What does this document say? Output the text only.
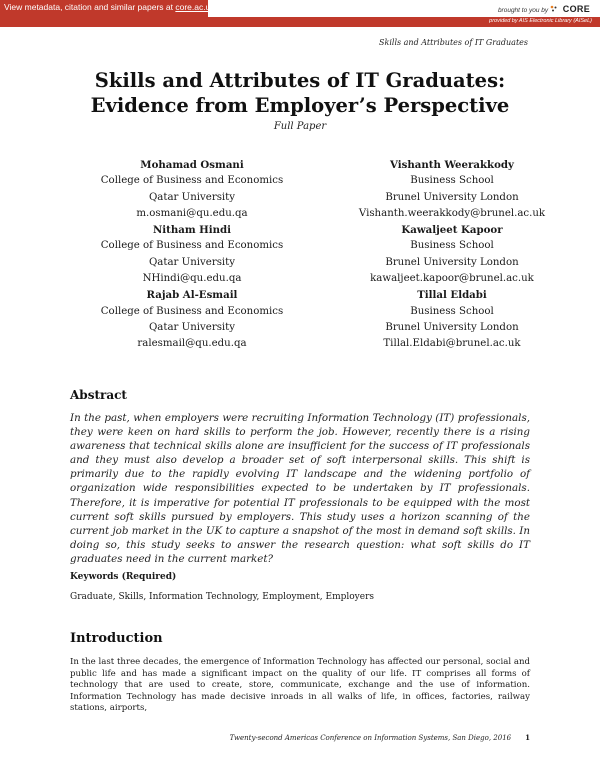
View metadata, citation and similar papers at core.ac.uk	brought to you by CORE
provided by AIS Electronic Library (AISeL)
Skills and Attributes of IT Graduates
Skills and Attributes of IT Graduates:
Evidence from Employer’s Perspective
Full Paper
Mohamad Osmani
College of Business and Economics
Qatar University
m.osmani@qu.edu.qa
Nitham Hindi
College of Business and Economics
Qatar University
NHindi@qu.edu.qa
Rajab Al-Esmail
College of Business and Economics
Qatar University
ralesmail@qu.edu.qa
Vishanth Weerakkody
Business School
Brunel University London
Vishanth.weerakkody@brunel.ac.uk
Kawaljeet Kapoor
Business School
Brunel University London
kawaljeet.kapoor@brunel.ac.uk
Tillal Eldabi
Business School
Brunel University London
Tillal.Eldabi@brunel.ac.uk
Abstract
In the past, when employers were recruiting Information Technology (IT) professionals, they were keen on hard skills to perform the job. However, recently there is a rising awareness that technical skills alone are insufficient for the success of IT professionals and they must also develop a broader set of soft interpersonal skills. This shift is primarily due to the rapidly evolving IT landscape and the widening portfolio of organization wide responsibilities expected to be undertaken by IT professionals. Therefore, it is imperative for potential IT professionals to be equipped with the most current soft skills pursued by employers. This study uses a horizon scanning of the current job market in the UK to capture a snapshot of the most in demand soft skills. In doing so, this study seeks to answer the research question: what soft skills do IT graduates need in the current market?
Keywords (Required)
Graduate, Skills, Information Technology, Employment, Employers
Introduction
In the last three decades, the emergence of Information Technology has affected our personal, social and public life and has made a significant impact on the quality of our life. IT comprises all forms of technology that are used to create, store, communicate, exchange and the use of information. Information Technology has made decisive inroads in all walks of life, in offices, factories, railway stations, airports,
Twenty-second Americas Conference on Information Systems, San Diego, 2016 1
